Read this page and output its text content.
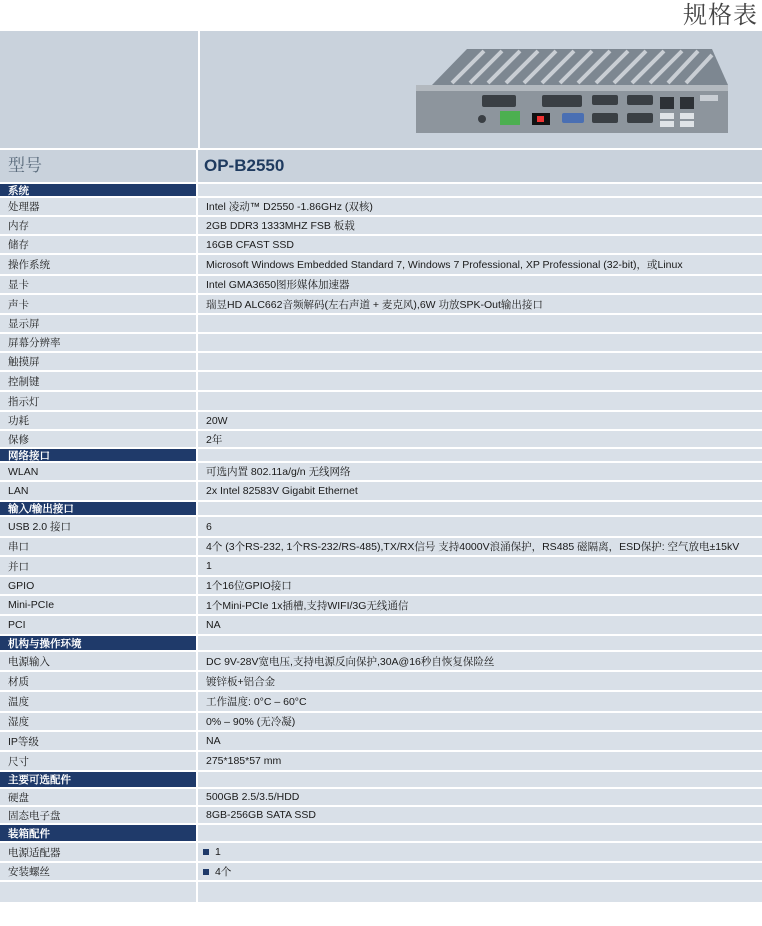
规格表
型号	OP-B2550
系统
处理器	Intel 凌动™ D2550 -1.86GHz (双核)
内存	2GB DDR3 1333MHZ FSB 板载
储存	16GB CFAST SSD
操作系统	Microsoft Windows Embedded Standard 7, Windows 7 Professional, XP Professional (32-bit)，或Linux
显卡	Intel GMA3650图形媒体加速器
声卡	瑞昱HD ALC662音频解码(左右声道 + 麦克风),6W 功放SPK-Out输出接口
显示屏
屏幕分辨率
触摸屏
控制键
指示灯
功耗	20W
保修	2年
网络接口
WLAN	可选内置 802.11a/g/n 无线网络
LAN	2x Intel 82583V Gigabit Ethernet
输入/输出接口
USB 2.0 接口	6
串口	4个 (3个RS-232, 1个RS-232/RS-485),TX/RX信号 支持4000V浪涌保护，RS485 磁隔离，ESD保护: 空气放电±15kV
并口	1
GPIO	1个16位GPIO接口
Mini-PCIe	1个Mini-PCIe 1x插槽,支持WIFI/3G无线通信
PCI	NA
机构与操作环境
电源输入	DC 9V-28V宽电压,支持电源反向保护,30A@16秒自恢复保险丝
材质	镀锌板+铝合金
温度	工作温度: 0°C – 60°C
湿度	0% – 90% (无冷凝)
IP等级	NA
尺寸	275*185*57 mm
主要可选配件
硬盘	500GB 2.5/3.5/HDD
固态电子盘	8GB-256GB SATA SSD
装箱配件
电源适配器	1
安装螺丝	4个
